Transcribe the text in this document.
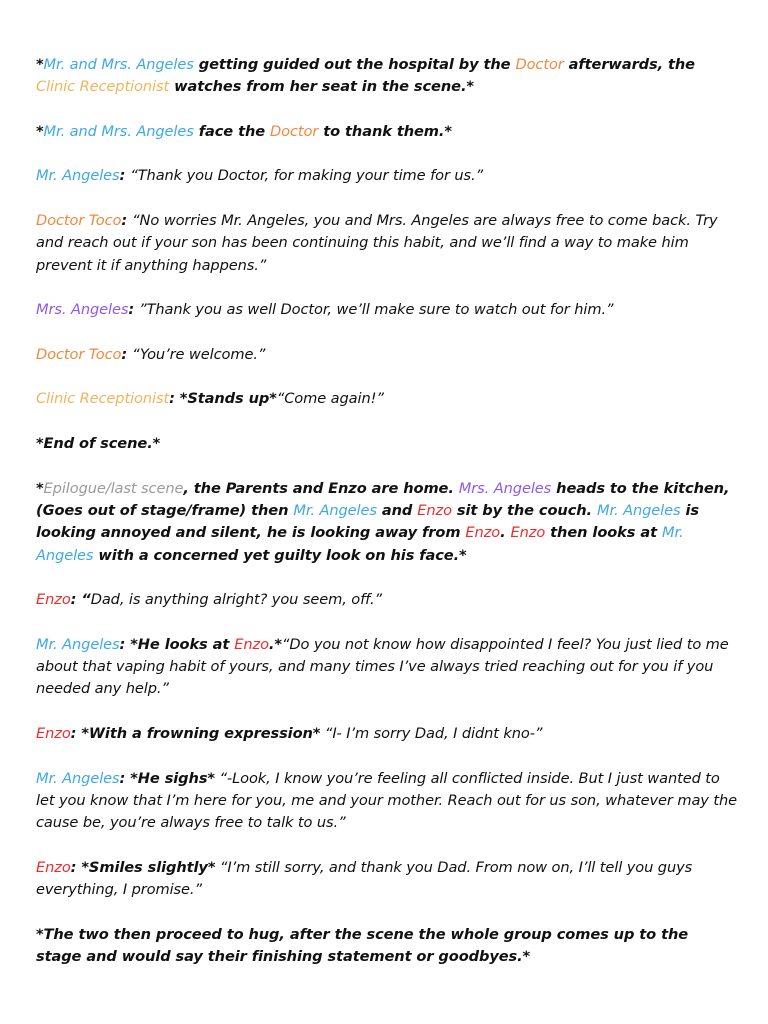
*Mr. and Mrs. Angeles getting guided out the hospital by the Doctor afterwards, the Clinic Receptionist watches from her seat in the scene.*

*Mr. and Mrs. Angeles face the Doctor to thank them.*

Mr. Angeles: “Thank you Doctor, for making your time for us.”

Doctor Toco: “No worries Mr. Angeles, you and Mrs. Angeles are always free to come back. Try and reach out if your son has been continuing this habit, and we’ll find a way to make him prevent it if anything happens.”

Mrs. Angeles: ”Thank you as well Doctor, we’ll make sure to watch out for him.”

Doctor Toco: “You’re welcome.”

Clinic Receptionist: *Stands up*“Come again!”

*End of scene.*

*Epilogue/last scene, the Parents and Enzo are home. Mrs. Angeles heads to the kitchen, (Goes out of stage/frame) then Mr. Angeles and Enzo sit by the couch. Mr. Angeles is looking annoyed and silent, he is looking away from Enzo. Enzo then looks at Mr. Angeles with a concerned yet guilty look on his face.*

Enzo: “Dad, is anything alright? you seem, off.”

Mr. Angeles: *He looks at Enzo.*“Do you not know how disappointed I feel? You just lied to me about that vaping habit of yours, and many times I’ve always tried reaching out for you if you needed any help.”

Enzo: *With a frowning expression* “I- I’m sorry Dad, I didnt kno-”

Mr. Angeles: *He sighs* “-Look, I know you’re feeling all conflicted inside. But I just wanted to let you know that I’m here for you, me and your mother. Reach out for us son, whatever may the cause be, you’re always free to talk to us.”

Enzo: *Smiles slightly* “I’m still sorry, and thank you Dad. From now on, I’ll tell you guys everything, I promise.”

*The two then proceed to hug, after the scene the whole group comes up to the stage and would say their finishing statement or goodbyes.*
